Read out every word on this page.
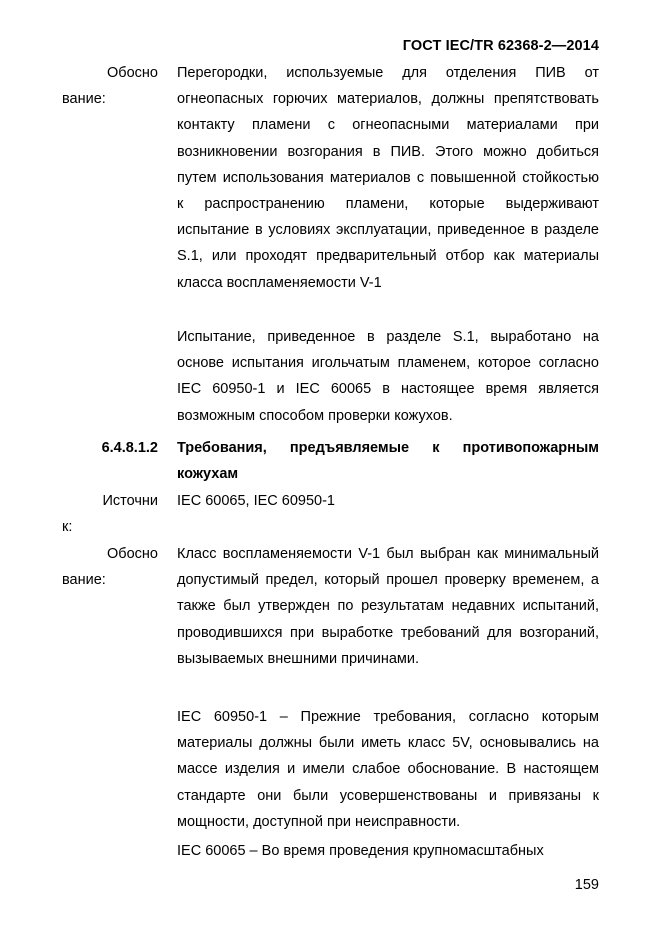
ГОСТ IEC/TR 62368-2—2014
Обосно
вание:
Перегородки, используемые для отделения ПИВ от огнеопасных горючих материалов, должны препятствовать контакту пламени с огнеопасными материалами при возникновении возгорания в ПИВ. Этого можно добиться путем использования материалов с повышенной стойкостью к распространению пламени, которые выдерживают испытание в условиях эксплуатации, приведенное в разделе S.1, или проходят предварительный отбор как материалы класса воспламеняемости V-1
Испытание, приведенное в разделе S.1, выработано на основе испытания игольчатым пламенем, которое согласно IEC 60950-1 и IEC 60065 в настоящее время является возможным способом проверки кожухов.
6.4.8.1.2 Требования, предъявляемые к противопожарным кожухам
Источни
к:
IEC 60065, IEC 60950-1
Обосно
вание:
Класс воспламеняемости V-1 был выбран как минимальный допустимый предел, который прошел проверку временем, а также был утвержден по результатам недавних испытаний, проводившихся при выработке требований для возгораний, вызываемых внешними причинами.
IEC 60950-1 – Прежние требования, согласно которым материалы должны были иметь класс 5V, основывались на массе изделия и имели слабое обоснование. В настоящем стандарте они были усовершенствованы и привязаны к мощности, доступной при неисправности.
IEC 60065 – Во время проведения крупномасштабных
159
